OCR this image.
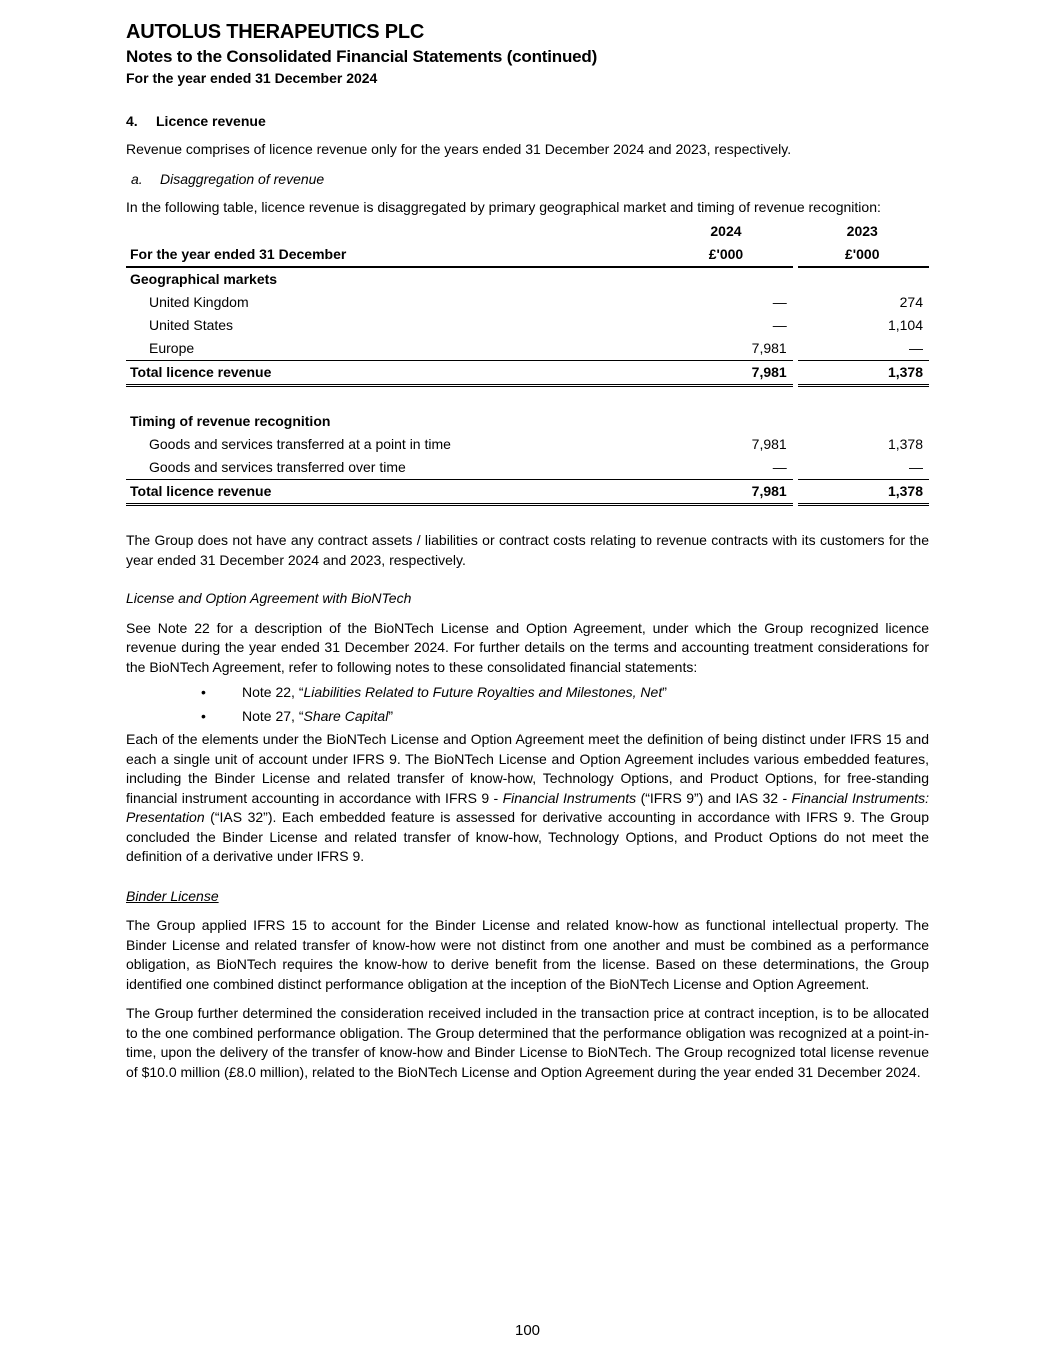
AUTOLUS THERAPEUTICS PLC
Notes to the Consolidated Financial Statements (continued)
For the year ended 31 December 2024
4. Licence revenue

Revenue comprises of licence revenue only for the years ended 31 December 2024 and 2023, respectively.

a. Disaggregation of revenue

In the following table, licence revenue is disaggregated by primary geographical market and timing of revenue recognition:

	2024		2023
For the year ended 31 December	£'000		£'000
Geographical markets			
United Kingdom	—		274
United States	—		1,104
Europe	7,981		—
Total licence revenue	7,981		1,378

Timing of revenue recognition			
Goods and services transferred at a point in time	7,981		1,378
Goods and services transferred over time	—		—
Total licence revenue	7,981		1,378

The Group does not have any contract assets / liabilities or contract costs relating to revenue contracts with its customers for the year ended 31 December 2024 and 2023, respectively.

License and Option Agreement with BioNTech

See Note 22 for a description of the BioNTech License and Option Agreement, under which the Group recognized licence revenue during the year ended 31 December 2024. For further details on the terms and accounting treatment considerations for the BioNTech Agreement, refer to following notes to these consolidated financial statements:

•	Note 22, “Liabilities Related to Future Royalties and Milestones, Net”
•	Note 27, “Share Capital”

Each of the elements under the BioNTech License and Option Agreement meet the definition of being distinct under IFRS 15 and each a single unit of account under IFRS 9. The BioNTech License and Option Agreement includes various embedded features, including the Binder License and related transfer of know-how, Technology Options, and Product Options, for free-standing financial instrument accounting in accordance with IFRS 9 - Financial Instruments (“IFRS 9”) and IAS 32 - Financial Instruments: Presentation (“IAS 32”). Each embedded feature is assessed for derivative accounting in accordance with IFRS 9. The Group concluded the Binder License and related transfer of know-how, Technology Options, and Product Options do not meet the definition of a derivative under IFRS 9.

Binder License

The Group applied IFRS 15 to account for the Binder License and related know-how as functional intellectual property. The Binder License and related transfer of know-how were not distinct from one another and must be combined as a performance obligation, as BioNTech requires the know-how to derive benefit from the license. Based on these determinations, the Group identified one combined distinct performance obligation at the inception of the BioNTech License and Option Agreement.

The Group further determined the consideration received included in the transaction price at contract inception, is to be allocated to the one combined performance obligation. The Group determined that the performance obligation was recognized at a point-in-time, upon the delivery of the transfer of know-how and Binder License to BioNTech. The Group recognized total license revenue of $10.0 million (£8.0 million), related to the BioNTech License and Option Agreement during the year ended 31 December 2024.

100
